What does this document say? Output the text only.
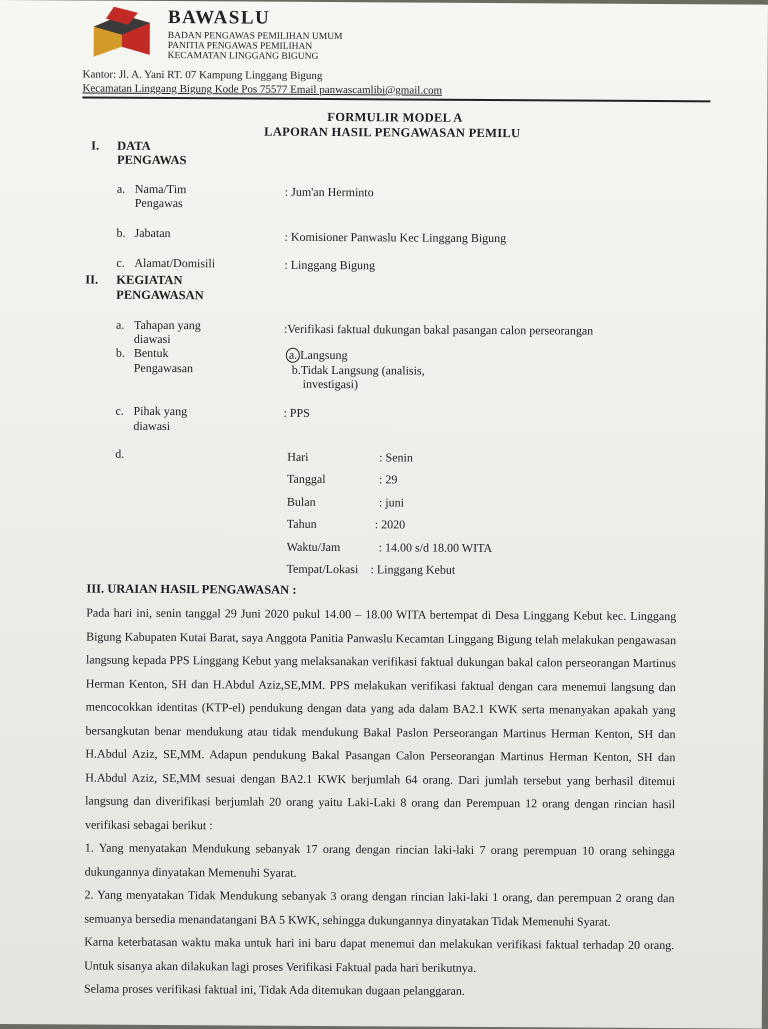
BAWASLU
BADAN PENGAWAS PEMILIHAN UMUM
PANITIA PENGAWAS PEMILIHAN
KECAMATAN LINGGANG BIGUNG
Kantor: Jl. A. Yani RT. 07 Kampung Linggang Bigung
Kecamatan Linggang Bigung Kode Pos 75577 Email panwascamlibi@gmail.com
FORMULIR MODEL A
LAPORAN HASIL PENGAWASAN PEMILU
I. DATA
PENGAWAS
a. Nama/Tim
Pengawas
: Jum'an Herminto
b. Jabatan	: Komisioner Panwaslu Kec Linggang Bigung
c. Alamat/Domisili	: Linggang Bigung
II. KEGIATAN
PENGAWASAN
a. Tahapan yang
diawasi
:Verifikasi faktual dukungan bakal pasangan calon perseorangan
b. Bentuk
Pengawasan
a. Langsung
b.Tidak Langsung (analisis,
investigasi)
c. Pihak yang
diawasi
: PPS
d.	Hari	: Senin
Tanggal	: 29
Bulan	: juni
Tahun	: 2020
Waktu/Jam	: 14.00 s/d 18.00 WITA
Tempat/Lokasi : Linggang Kebut
III. URAIAN HASIL PENGAWASAN :

Pada hari ini, senin tanggal 29 Juni 2020 pukul 14.00 – 18.00 WITA bertempat di Desa Linggang Kebut kec. Linggang Bigung Kabupaten Kutai Barat, saya Anggota Panitia Panwaslu Kecamtan Linggang Bigung telah melakukan pengawasan langsung kepada PPS Linggang Kebut yang melaksanakan verifikasi faktual dukungan bakal calon perseorangan Martinus Herman Kenton, SH dan H.Abdul Aziz,SE,MM. PPS melakukan verifikasi faktual dengan cara menemui langsung dan mencocokkan identitas (KTP-el) pendukung dengan data yang ada dalam BA2.1 KWK serta menanyakan apakah yang bersangkutan benar mendukung atau tidak mendukung Bakal Paslon Perseorangan Martinus Herman Kenton, SH dan H.Abdul Aziz, SE,MM. Adapun pendukung Bakal Pasangan Calon Perseorangan Martinus Herman Kenton, SH dan H.Abdul Aziz, SE,MM sesuai dengan BA2.1 KWK berjumlah 64 orang. Dari jumlah tersebut yang berhasil ditemui langsung dan diverifikasi berjumlah 20 orang yaitu Laki-Laki 8 orang dan Perempuan 12 orang dengan rincian hasil verifikasi sebagai berikut :

1. Yang menyatakan Mendukung sebanyak 17 orang dengan rincian laki-laki 7 orang perempuan 10 orang sehingga dukungannya dinyatakan Memenuhi Syarat.

2. Yang menyatakan Tidak Mendukung sebanyak 3 orang dengan rincian laki-laki 1 orang, dan perempuan 2 orang dan semuanya bersedia menandatangani BA 5 KWK, sehingga dukungannya dinyatakan Tidak Memenuhi Syarat.

Karna keterbatasan waktu maka untuk hari ini baru dapat menemui dan melakukan verifikasi faktual terhadap 20 orang. Untuk sisanya akan dilakukan lagi proses Verifikasi Faktual pada hari berikutnya.

Selama proses verifikasi faktual ini, Tidak Ada ditemukan dugaan pelanggaran.
